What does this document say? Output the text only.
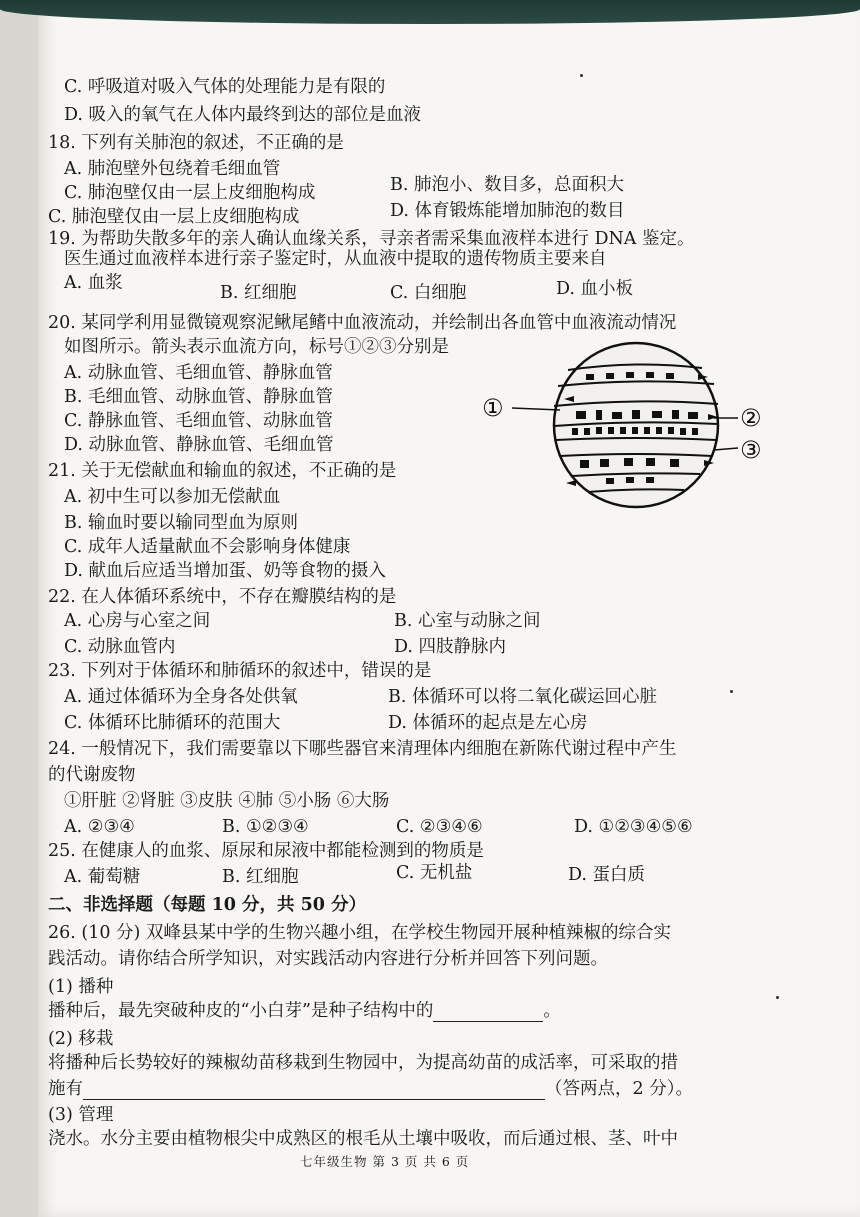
C. 呼吸道对吸入气体的处理能力是有限的
D. 吸入的氧气在人体内最终到达的部位是血液
18. 下列有关肺泡的叙述，不正确的是
A. 肺泡壁外包绕着毛细血管
C. 肺泡壁仅由一层上皮细胞构成	B. 肺泡小、数目多，总面积大
C. 肺泡壁仅由一层上皮细胞构成	D. 体育锻炼能增加肺泡的数目
19. 为帮助失散多年的亲人确认血缘关系，寻亲者需采集血液样本进行 DNA 鉴定。
医生通过血液样本进行亲子鉴定时，从血液中提取的遗传物质主要来自
A. 血浆	B. 红细胞	C. 白细胞	D. 血小板
20. 某同学利用显微镜观察泥鳅尾鳍中血液流动，并绘制出各血管中血液流动情况
如图所示。箭头表示血流方向，标号①②③分别是
A. 动脉血管、毛细血管、静脉血管
B. 毛细血管、动脉血管、静脉血管
C. 静脉血管、毛细血管、动脉血管
D. 动脉血管、静脉血管、毛细血管
21. 关于无偿献血和输血的叙述，不正确的是
A. 初中生可以参加无偿献血
B. 输血时要以输同型血为原则
C. 成年人适量献血不会影响身体健康
D. 献血后应适当增加蛋、奶等食物的摄入
22. 在人体循环系统中，不存在瓣膜结构的是
A. 心房与心室之间	B. 心室与动脉之间
C. 动脉血管内	D. 四肢静脉内
23. 下列对于体循环和肺循环的叙述中，错误的是
A. 通过体循环为全身各处供氧	B. 体循环可以将二氧化碳运回心脏
C. 体循环比肺循环的范围大	D. 体循环的起点是左心房
24. 一般情况下，我们需要靠以下哪些器官来清理体内细胞在新陈代谢过程中产生
的代谢废物
①肝脏 ②肾脏 ③皮肤 ④肺 ⑤小肠 ⑥大肠
A. ②③④	B. ①②③④	C. ②③④⑥	D. ①②③④⑤⑥
25. 在健康人的血浆、原尿和尿液中都能检测到的物质是
A. 葡萄糖	B. 红细胞	C. 无机盐	D. 蛋白质
二、非选择题（每题 10 分，共 50 分）
26. (10 分) 双峰县某中学的生物兴趣小组，在学校生物园开展种植辣椒的综合实
践活动。请你结合所学知识，对实践活动内容进行分析并回答下列问题。
(1) 播种
播种后，最先突破种皮的“小白芽”是种子结构中的	。
(2) 移栽
将播种后长势较好的辣椒幼苗移栽到生物园中，为提高幼苗的成活率，可采取的措
施有	（答两点，2 分）。
(3) 管理
浇水。水分主要由植物根尖中成熟区的根毛从土壤中吸收，而后通过根、茎、叶中
①	②
③
七年级生物 第 3 页 共 6 页
